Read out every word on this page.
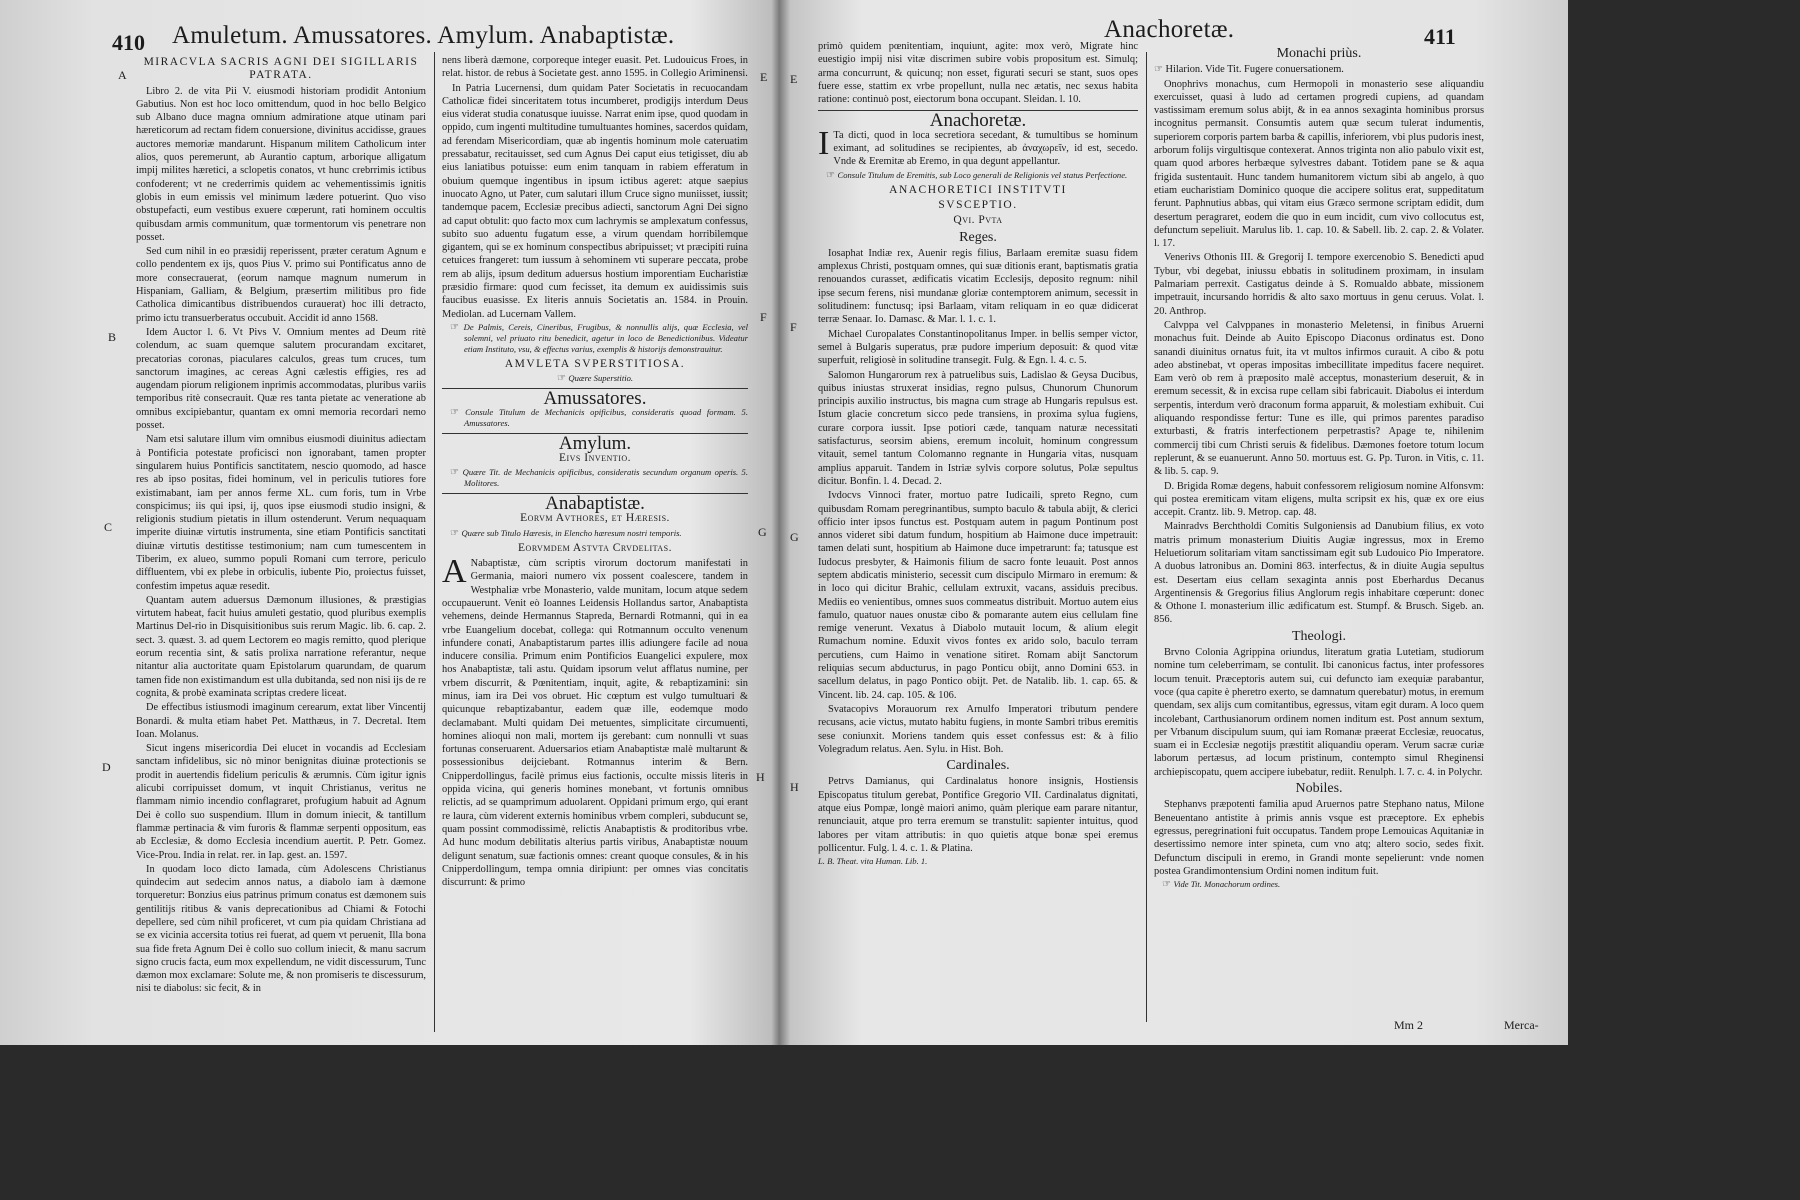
410 Amuletum. Amussatores. Amylum. Anabaptistæ.
A
B
C
D
E
F
G
H
MIRACVLA SACRIS AGNI DEI SIGILLARIS PATRATA.

Libro 2. de vita Pii V. eiusmodi historiam prodidit Antonium Gabutius. Non est hoc loco omittendum, quod in hoc bello Belgico sub Albano duce magna omnium admiratione atque utinam pari hæreticorum ad rectam fidem conuersione, divinitus accidisse, graues auctores memoriæ mandarunt. Hispanum militem Catholicum inter alios, quos peremerunt, ab Aurantio captum, arborique alligatum impij milites hæretici, a sclopetis conatos, vt hunc crebrrimis ictibus confoderent; vt ne crederrimis quidem ac vehementissimis ignitis globis in eum emissis vel minimum lædere potuerint. Quo viso obstupefacti, eum vestibus exuere cœperunt, rati hominem occultis quibusdam armis communitum, quæ tormentorum vis penetrare non posset.

Sed cum nihil in eo præsidij reperissent, præter ceratum Agnum e collo pendentem ex ijs, quos Pius V. primo sui Pontificatus anno de more consecrauerat, (eorum namque magnum numerum in Hispaniam, Galliam, & Belgium, præsertim militibus pro fide Catholica dimicantibus distribuendos curauerat) hoc illi detracto, primo ictu transuerberatus occubuit. Accidit id anno 1568.

Idem Auctor l. 6. Vt Pivs V. Omnium mentes ad Deum ritè colendum, ac suam quemque salutem procurandam excitaret, precatorias coronas, piaculares calculos, greas tum cruces, tum sanctorum imagines, ac cereas Agni cælestis effigies, res ad augendam piorum religionem inprimis accommodatas, pluribus variis temporibus ritè consecrauit. Quæ res tanta pietate ac veneratione ab omnibus excipiebantur, quantam ex omni memoria recordari nemo posset.

Nam etsi salutare illum vim omnibus eiusmodi diuinitus adiectam à Pontificia potestate proficisci non ignorabant, tamen propter singularem huius Pontificis sanctitatem, nescio quomodo, ad hasce res ab ipso positas, fidei hominum, vel in periculis tutiores fore existimabant, iam per annos ferme XL. cum foris, tum in Vrbe conspicimus; iis qui ipsi, ij, quos ipse eiusmodi studio insigni, & religionis studium pietatis in illum ostenderunt. Verum nequaquam imperite diuinæ virtutis instrumenta, sine etiam Pontificis sanctitati diuinæ virtutis destitisse testimonium; nam cum tumescentem in Tiberim, ex alueo, summo populi Romani cum terrore, periculo diffluentem, vbi ex plebe in orbiculis, iubente Pio, proiectus fuisset, confestim impetus aquæ resedit.

Quantam autem aduersus Dæmonum illusiones, & præstigias virtutem habeat, facit huius amuleti gestatio, quod pluribus exemplis Martinus Del-rio in Disquisitionibus suis rerum Magic. lib. 6. cap. 2. sect. 3. quæst. 3. ad quem Lectorem eo magis remitto, quod plerique eorum recentia sint, & satis prolixa narratione referantur, neque nitantur alia auctoritate quam Epistolarum quarundam, de quarum tamen fide non existimandum est ulla dubitanda, sed non nisi ijs de re cognita, & probè examinata scriptas credere liceat.

De effectibus istiusmodi imaginum cerearum, extat liber Vincentij Bonardi. & multa etiam habet Pet. Matthæus, in 7. Decretal. Item Ioan. Molanus.

Sicut ingens misericordia Dei elucet in vocandis ad Ecclesiam sanctam infidelibus, sic nò minor benignitas diuinæ protectionis se prodit in auertendis fidelium periculis & ærumnis. Cùm igitur ignis alicubi corripuisset domum, vt inquit Christianus, veritus ne flammam nimio incendio conflagraret, profugium habuit ad Agnum Dei è collo suo suspendium. Illum in domum iniecit, & tantillum flammæ pertinacia & vim furoris & flammæ serpenti oppositum, eas ab Ecclesiæ, & domo Ecclesia incendium auertit. P. Petr. Gomez. Vice-Prou. India in relat. rer. in Iap. gest. an. 1597.

In quodam loco dicto Iamada, cùm Adolescens Christianus quindecim aut sedecim annos natus, a diabolo iam à dæmone torqueretur: Bonzius eius patrinus primum conatus est dæmonem suis gentilitijs ritibus & vanis deprecationibus ad Chiami & Fotochi depellere, sed cùm nihil proficeret, vt cum pia quidam Christiana ad se ex vicinia accersita totius rei fuerat, ad quem vt peruenit, Illa bona sua fide freta Agnum Dei è collo suo collum iniecit, & manu sacrum signo crucis facta, eum mox expellendum, ne vidit discessurum, Tunc dæmon mox exclamare: Solute me, & non promiseris te discessurum, nisi te diabolus: sic fecit, & in

nens liberà dæmone, corporeque integer euasit. Pet. Ludouicus Froes, in relat. histor. de rebus à Societate gest. anno 1595. in Collegio Ariminensi.

In Patria Lucernensi, dum quidam Pater Societatis in recuocandam Catholicæ fidei sinceritatem totus incumberet, prodigijs interdum Deus eius viderat studia conatusque iuuisse. Narrat enim ipse, quod quodam in oppido, cum ingenti multitudine tumultuantes homines, sacerdos quidam, ad ferendam Misericordiam, quæ ab ingentis hominum mole cateruatim pressabatur, recitauisset, sed cum Agnus Dei caput eius tetigisset, diu ab eius laniatibus potuisse: eum enim tanquam in rabiem efferatum in obuium quemque ingentibus in ipsum ictibus ageret: atque saepius inuocato Agno, ut Pater, cum salutari illum Cruce signo muniisset, iussit; tandemque pacem, Ecclesiæ precibus adiecti, sanctorum Agni Dei signo ad caput obtulit: quo facto mox cum lachrymis se amplexatum confessus, subito suo aduentu fugatum esse, a virum quendam horribilemque gigantem, qui se ex hominum conspectibus abripuisset; vt præcipiti ruina cetuices frangeret: tum iussum à sehominem vti superare peccata, probe rem ab alijs, ipsum deditum aduersus hostium imporentiam Eucharistiæ præsidio firmare: quod cum fecisset, ita demum ex auidissimis suis faucibus euasisse. Ex literis annuis Societatis an. 1584. in Prouin. Mediolan. ad Lucernam Vallem.

☞ De Palmis, Cereis, Cineribus, Frugibus, & nonnullis alijs, quæ Ecclesia, vel solemni, vel priuato ritu benedicit, agetur in loco de Benedictionibus. Videatur etiam Instituto, vsu, & effectus varius, exemplis & historijs demonstrauitur.
AMVLETA SVPERSTITIOSA.
☞ Quære Superstitio.
Amussatores.
☞ Consule Titulum de Mechanicis opificibus, consideratis quoad formam. 5. Amussatores.
Amylum.
Eivs Inventio.
☞ Quære Tit. de Mechanicis opificibus, consideratis secundum organum operis. 5. Molitores.
Anabaptistæ.
Eorvm Avthores, et Hæresis.
☞ Quære sub Titulo Hæresis, in Elencho hæresum nostri temporis.
Eorvmdem Astvta Crvdelitas.

A Nabaptistæ, cùm scriptis virorum doctorum manifestati in Germania, maiori numero vix possent coalescere, tandem in Westphaliæ vrbe Monasterio, valde munitam, locum atque sedem occupauerunt. Venit eò Ioannes Leidensis Hollandus sartor, Anabaptista vehemens, deinde Hermannus Stapreda, Bernardi Rotmanni, qui in ea vrbe Euangelium docebat, collega: qui Rotmannum occulto venenum infundere conati, Anabaptistarum partes illis adiungere facile ad noua inducere consilia. Primum enim Pontificios Euangelici expulere, mox hos Anabaptistæ, tali astu. Quidam ipsorum velut afflatus numine, per vrbem discurrit, & Pœnitentiam, inquit, agite, & rebaptizamini: sin minus, iam ira Dei vos obruet. Hic cœptum est vulgo tumultuari & quicunque rebaptizabantur, eadem quæ ille, eodemque modo declamabant. Multi quidam Dei metuentes, simplicitate circumuenti, homines alioqui non mali, mortem ijs gerebant: cum nonnulli vt suas fortunas conseruarent. Aduersarios etiam Anabaptistæ malè multarunt & possessionibus deijciebant. Rotmannus interim & Bern. Cnipperdollingus, facilè primus eius factionis, occulte missis literis in oppida vicina, qui generis homines monebant, vt fortunis omnibus relictis, ad se quamprimum aduolarent. Oppidani primum ergo, qui erant re laura, cùm viderent externis hominibus vrbem compleri, subducunt se, quam possint commodissimè, relictis Anabaptistis & proditoribus vrbe. Ad hunc modum debilitatis alterius partis viribus, Anabaptistæ nouum deligunt senatum, suæ factionis omnes: creant quoque consules, & in his Cnipperdollingum, tempa omnia diripiunt: per omnes vias concitatis discurrunt: & primo

Anachoretæ.	411
E
F
G
H

primò quidem pœnitentiam, inquiunt, agite: mox verò, Migrate hinc euestigio impij nisi vitæ discrimen subire vobis propositum est. Simulq; arma concurrunt, & quicunq; non esset, figurati securi se stant, suos opes fuere esse, stattim ex vrbe propellunt, nulla nec ætatis, nec sexus habita ratione: continuò post, eiectorum bona occupant. Sleidan. l. 10.

Anachoretæ.

I Ta dicti, quod in loca secretiora secedant, & tumultibus se hominum eximant, ad solitudines se recipientes, ab ἀναχωρεῖν, id est, secedo. Vnde & Eremitæ ab Eremo, in qua degunt appellantur.

☞ Consule Titulum de Eremitis, sub Loco generali de Religionis vel status Perfectione.
ANACHORETICI INSTITVTI
SVSCEPTIO.
Qvi. Pvta
Reges.

Iosaphat Indiæ rex, Auenir regis filius, Barlaam eremitæ suasu fidem amplexus Christi, postquam omnes, qui suæ ditionis erant, baptismatis gratia renouandos curasset, ædificatis vicatim Ecclesijs, deposito regnum: nihil ipse secum ferens, nisi mundanæ gloriæ contemptorem animum, secessit in solitudinem: functusq; ipsi Barlaam, vitam reliquam in eo quæ didicerat terræ Senaar. Io. Damasc. & Mar. l. 1. c. 1.

Michael Curopalates Constantinopolitanus Imper. in bellis semper victor, semel à Bulgaris superatus, præ pudore imperium deposuit: & quod vitæ superfuit, religiosè in solitudine transegit. Fulg. & Egn. l. 4. c. 5.

Salomon Hungarorum rex à patruelibus suis, Ladislao & Geysa Ducibus, quibus iniustas struxerat insidias, regno pulsus, Chunorum Chunorum principis auxilio instructus, bis magna cum strage ab Hungaris repulsus est. Istum glacie concretum sicco pede transiens, in proxima sylua fugiens, curare corpora iussit. Ipse potiori cæde, tanquam naturæ necessitati satisfacturus, seorsim abiens, eremum incoluit, hominum congressum vitauit, semel tantum Colomanno regnante in Hungaria vitas, nusquam amplius apparuit. Tandem in Istriæ sylvis corpore solutus, Polæ sepultus dicitur. Bonfin. l. 4. Decad. 2.

Ivdocvs Vinnoci frater, mortuo patre Iudicaili, spreto Regno, cum quibusdam Romam peregrinantibus, sumpto baculo & tabula abijt, & clerici officio inter ipsos functus est. Postquam autem in pagum Pontinum post annos videret sibi datum fundum, hospitium ab Haimone duce impetrauit: tamen delati sunt, hospitium ab Haimone duce impetrarunt: fa; tatusque est Iudocus presbyter, & Haimonis filium de sacro fonte leuauit. Post annos septem abdicatis ministerio, secessit cum discipulo Mirmaro in eremum: & in loco qui dicitur Brahic, cellulam extruxit, vacans, assiduis precibus. Mediis eo venientibus, omnes suos commeatus distribuit. Mortuo autem eius famulo, quatuor naues onustæ cibo & pomarante autem eius cellulam fine remige venerunt. Vexatus à Diabolo mutauit locum, & alium elegit Rumachum nomine. Eduxit vivos fontes ex arido solo, baculo terram percutiens, cum Haimo in venatione sitiret. Romam abijt Sanctorum reliquias secum abducturus, in pago Ponticu obijt, anno Domini 653. in sacellum delatus, in pago Pontico obijt. Pet. de Natalib. lib. 1. cap. 65. & Vincent. lib. 24. cap. 105. & 106.

Svatacopivs Morauorum rex Arnulfo Imperatori tributum pendere recusans, acie victus, mutato habitu fugiens, in monte Sambri tribus eremitis sese coniunxit. Moriens tandem quis esset confessus est: & à filio Volegradum relatus. Aen. Sylu. in Hist. Boh.

Cardinales.

Petrvs Damianus, qui Cardinalatus honore insignis, Hostiensis Episcopatus titulum gerebat, Pontifice Gregorio VII. Cardinalatus dignitati, atque eius Pompæ, longè maiori animo, quàm plerique eam parare nitantur, renunciauit, atque pro terra eremum se transtulit: sapienter intuitus, quod labores per vitam attributis: in quo quietis atque bonæ spei eremus pollicentur. Fulg. l. 4. c. 1. & Platina.

L. B. Theat. vita Human. Lib. 1.
Monachi priùs.

☞ Hilarion. Vide Tit. Fugere conuersationem.

Onophrivs monachus, cum Hermopoli in monasterio sese aliquandiu exercuisset, quasi à ludo ad certamen progredi cupiens, ad quandam vastissimam eremum solus abijt, & in ea annos sexaginta hominibus prorsus incognitus permansit. Consumtis autem quæ secum tulerat indumentis, superiorem corporis partem barba & capillis, inferiorem, vbi plus pudoris inest, arborum folijs virgultisque contexerat. Annos triginta non alio pabulo vixit est, quam quod arbores herbæque sylvestres dabant. Totidem pane se & aqua frigida sustentauit. Hunc tandem humanitorem victum sibi ab angelo, à quo etiam eucharistiam Dominico quoque die accipere solitus erat, suppeditatum ferunt. Paphnutius abbas, qui vitam eius Græco sermone scriptam edidit, dum desertum peragraret, eodem die quo in eum incidit, cum vivo collocutus est, defunctum sepeliuit. Marulus lib. 1. cap. 10. & Sabell. lib. 2. cap. 2. & Volater. l. 17.

Venerivs Othonis III. & Gregorij I. tempore exercenobio S. Benedicti apud Tybur, vbi degebat, iniussu ebbatis in solitudinem proximam, in insulam Palmariam perrexit. Castigatus deinde à S. Romualdo abbate, missionem impetrauit, incursando horridis & alto saxo mortuus in genu ceruus. Volat. l. 20. Anthrop.

Calvppa vel Calvppanes in monasterio Meletensi, in finibus Aruerni monachus fuit. Deinde ab Auito Episcopo Diaconus ordinatus est. Dono sanandi diuinitus ornatus fuit, ita vt multos infirmos curauit. A cibo & potu adeo abstinebat, vt operas impositas imbecillitate impeditus facere nequiret. Eam verò ob rem à præposito malè acceptus, monasterium deseruit, & in eremum secessit, & in excisa rupe cellam sibi fabricauit. Diabolus ei interdum serpentis, interdum verò draconum forma apparuit, & molestiam exhibuit. Cui aliquando respondisse fertur: Tune es ille, qui primos parentes paradiso exturbasti, & fratris interfectionem perpetrastis? Apage te, nihilenim commercij tibi cum Christi seruis & fidelibus. Dæmones foetore totum locum replerunt, & se euanuerunt. Anno 50. mortuus est. G. Pp. Turon. in Vitis, c. 11. & lib. 5. cap. 9.

D. Brigida Romæ degens, habuit confessorem religiosum nomine Alfonsvm: qui postea eremiticam vitam eligens, multa scripsit ex his, quæ ex ore eius accepit. Crantz. lib. 9. Metrop. cap. 48.

Mainradvs Berchtholdi Comitis Sulgoniensis ad Danubium filius, ex voto matris primum monasterium Diuitis Augiæ ingressus, mox in Eremo Heluetiorum solitariam vitam sanctissimam egit sub Ludouico Pio Imperatore. A duobus latronibus an. Domini 863. interfectus, & in diuite Augia sepultus est. Desertam eius cellam sexaginta annis post Eberhardus Decanus Argentinensis & Gregorius filius Anglorum regis inhabitare cœperunt: donec & Othone I. monasterium illic ædificatum est. Stumpf. & Brusch. Sigeb. an. 856.

Theologi.

Brvno Colonia Agrippina oriundus, literatum gratia Lutetiam, studiorum nomine tum celeberrimam, se contulit. Ibi canonicus factus, inter professores locum tenuit. Præceptoris autem sui, cui defuncto iam exequiæ parabantur, voce (qua capite è pheretro exerto, se damnatum querebatur) motus, in eremum quendam, sex alijs cum comitantibus, egressus, vitam egit duram. A loco quem incolebant, Carthusianorum ordinem nomen inditum est. Post annum sextum, per Vrbanum discipulum suum, qui iam Romanæ præerat Ecclesiæ, reuocatus, suam ei in Ecclesiæ negotijs præstitit aliquandiu operam. Verum sacræ curiæ laborum pertæsus, ad locum pristinum, contempto simul Rheginensi archiepiscopatu, quem accipere iubebatur, rediit. Renulph. l. 7. c. 4. in Polychr.

Nobiles.

Stephanvs præpotenti familia apud Aruernos patre Stephano natus, Milone Beneuentano antistite à primis annis vsque est præceptore. Ex ephebis egressus, peregrinationi fuit occupatus. Tandem prope Lemouicas Aquitaniæ in desertissimo nemore inter spineta, cum vno atq; altero socio, sedes fixit. Defunctum discipuli in eremo, in Grandi monte sepelierunt: vnde nomen postea Grandimontensium Ordini nomen inditum fuit.

☞ Vide Tit. Monachorum ordines.
Mm 2	Merca-
